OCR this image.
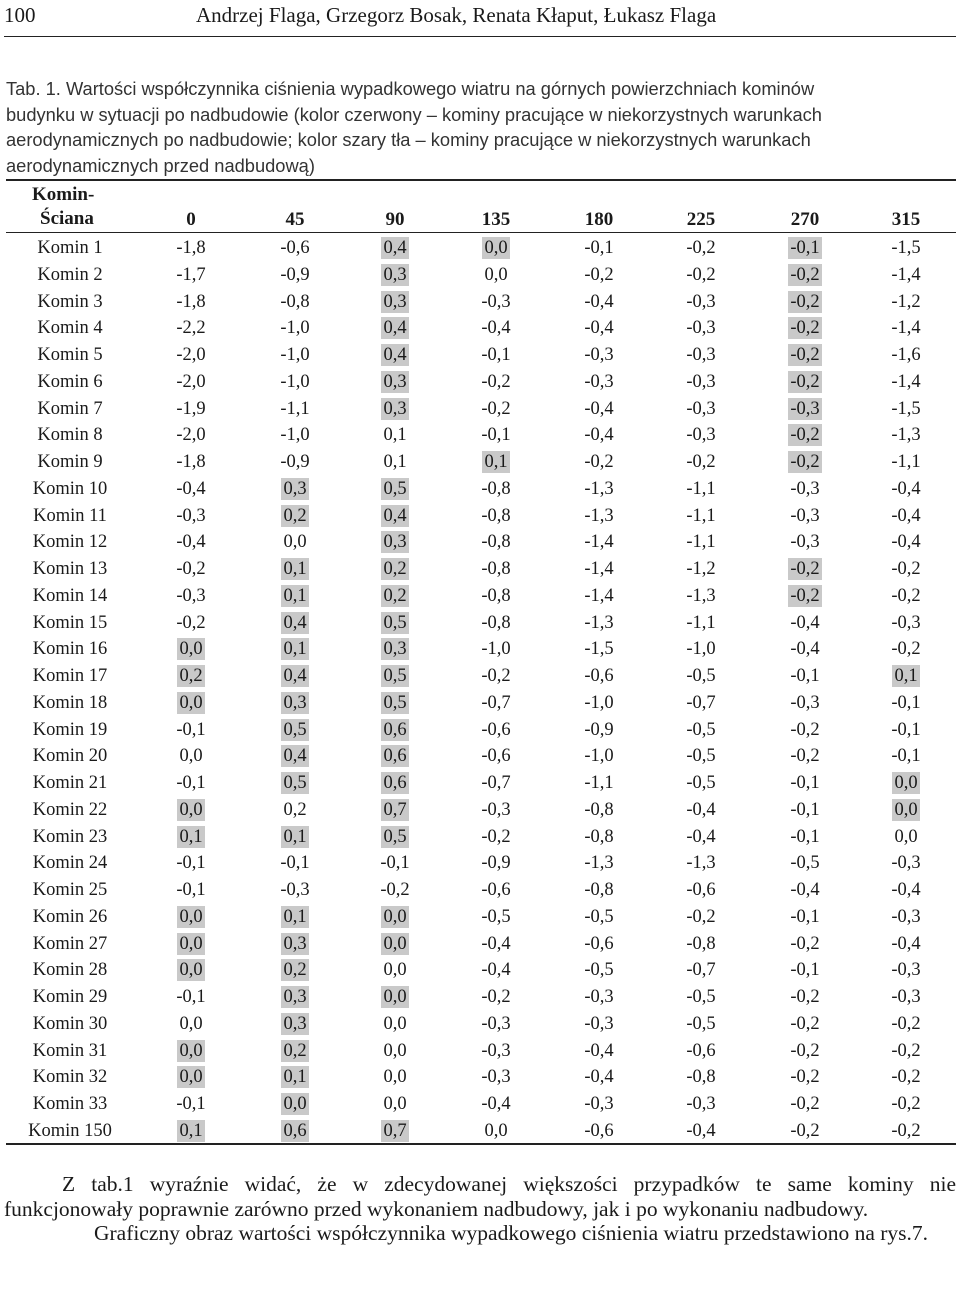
100	Andrzej Flaga, Grzegorz Bosak, Renata Kłaput, Łukasz Flaga

Tab. 1. Wartości współczynnika ciśnienia wypadkowego wiatru na górnych powierzchniach kominów

budynku w sytuacji po nadbudowie (kolor czerwony – kominy pracujące w niekorzystnych warunkach

aerodynamicznych po nadbudowie; kolor szary tła – kominy pracujące w niekorzystnych warunkach

aerodynamicznych przed nadbudową)

Komin-
Ściana	0	45	90	135	180	225	270	315
Komin 1	-1,8	-0,6	0,4	0,0	-0,1	-0,2	-0,1	-1,5
Komin 2	-1,7	-0,9	0,3	0,0	-0,2	-0,2	-0,2	-1,4
Komin 3	-1,8	-0,8	0,3	-0,3	-0,4	-0,3	-0,2	-1,2
Komin 4	-2,2	-1,0	0,4	-0,4	-0,4	-0,3	-0,2	-1,4
Komin 5	-2,0	-1,0	0,4	-0,1	-0,3	-0,3	-0,2	-1,6
Komin 6	-2,0	-1,0	0,3	-0,2	-0,3	-0,3	-0,2	-1,4
Komin 7	-1,9	-1,1	0,3	-0,2	-0,4	-0,3	-0,3	-1,5
Komin 8	-2,0	-1,0	0,1	-0,1	-0,4	-0,3	-0,2	-1,3
Komin 9	-1,8	-0,9	0,1	0,1	-0,2	-0,2	-0,2	-1,1
Komin 10	-0,4	0,3	0,5	-0,8	-1,3	-1,1	-0,3	-0,4
Komin 11	-0,3	0,2	0,4	-0,8	-1,3	-1,1	-0,3	-0,4
Komin 12	-0,4	0,0	0,3	-0,8	-1,4	-1,1	-0,3	-0,4
Komin 13	-0,2	0,1	0,2	-0,8	-1,4	-1,2	-0,2	-0,2
Komin 14	-0,3	0,1	0,2	-0,8	-1,4	-1,3	-0,2	-0,2
Komin 15	-0,2	0,4	0,5	-0,8	-1,3	-1,1	-0,4	-0,3
Komin 16	0,0	0,1	0,3	-1,0	-1,5	-1,0	-0,4	-0,2
Komin 17	0,2	0,4	0,5	-0,2	-0,6	-0,5	-0,1	0,1
Komin 18	0,0	0,3	0,5	-0,7	-1,0	-0,7	-0,3	-0,1
Komin 19	-0,1	0,5	0,6	-0,6	-0,9	-0,5	-0,2	-0,1
Komin 20	0,0	0,4	0,6	-0,6	-1,0	-0,5	-0,2	-0,1
Komin 21	-0,1	0,5	0,6	-0,7	-1,1	-0,5	-0,1	0,0
Komin 22	0,0	0,2	0,7	-0,3	-0,8	-0,4	-0,1	0,0
Komin 23	0,1	0,1	0,5	-0,2	-0,8	-0,4	-0,1	0,0
Komin 24	-0,1	-0,1	-0,1	-0,9	-1,3	-1,3	-0,5	-0,3
Komin 25	-0,1	-0,3	-0,2	-0,6	-0,8	-0,6	-0,4	-0,4
Komin 26	0,0	0,1	0,0	-0,5	-0,5	-0,2	-0,1	-0,3
Komin 27	0,0	0,3	0,0	-0,4	-0,6	-0,8	-0,2	-0,4
Komin 28	0,0	0,2	0,0	-0,4	-0,5	-0,7	-0,1	-0,3
Komin 29	-0,1	0,3	0,0	-0,2	-0,3	-0,5	-0,2	-0,3
Komin 30	0,0	0,3	0,0	-0,3	-0,3	-0,5	-0,2	-0,2
Komin 31	0,0	0,2	0,0	-0,3	-0,4	-0,6	-0,2	-0,2
Komin 32	0,0	0,1	0,0	-0,3	-0,4	-0,8	-0,2	-0,2
Komin 33	-0,1	0,0	0,0	-0,4	-0,3	-0,3	-0,2	-0,2
Komin 150	0,1	0,6	0,7	0,0	-0,6	-0,4	-0,2	-0,2

Z tab.1 wyraźnie widać, że w zdecydowanej większości przypadków te same kominy nie funkcjonowały poprawnie zarówno przed wykonaniem nadbudowy, jak i po wykonaniu nadbudowy.

Graficzny obraz wartości współczynnika wypadkowego ciśnienia wiatru przedstawiono na rys.7.
